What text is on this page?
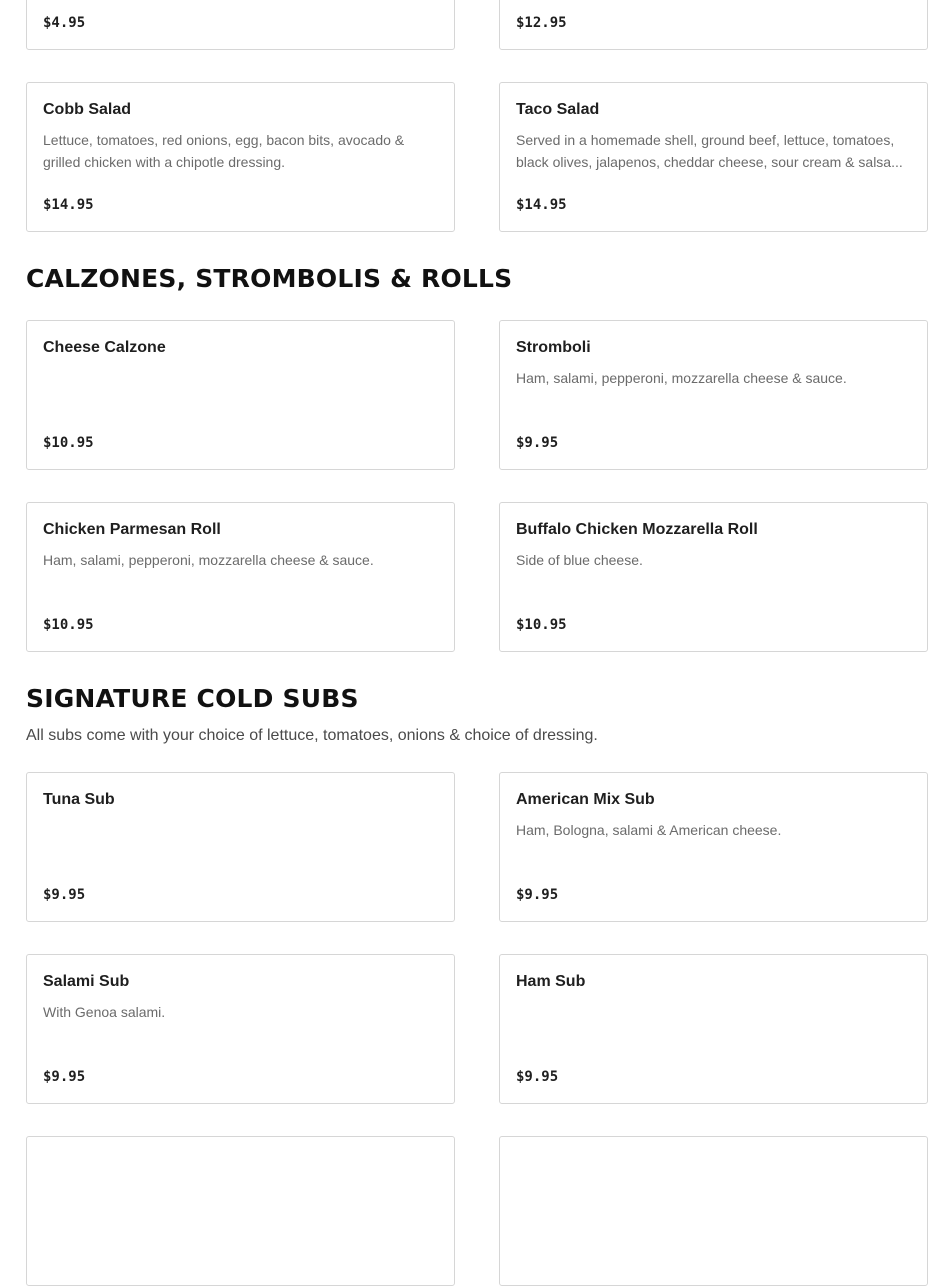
$4.95	$12.95
Cobb Salad
Lettuce, tomatoes, red onions, egg, bacon bits, avocado & grilled chicken with a chipotle dressing.
$14.95
Taco Salad
Served in a homemade shell, ground beef, lettuce, tomatoes, black olives, jalapenos, cheddar cheese, sour cream & salsa...
$14.95
CALZONES, STROMBOLIS & ROLLS
Cheese Calzone
$10.95
Stromboli
Ham, salami, pepperoni, mozzarella cheese & sauce.
$9.95
Chicken Parmesan Roll
Ham, salami, pepperoni, mozzarella cheese & sauce.
$10.95
Buffalo Chicken Mozzarella Roll
Side of blue cheese.
$10.95
SIGNATURE COLD SUBS
All subs come with your choice of lettuce, tomatoes, onions & choice of dressing.
Tuna Sub
$9.95
American Mix Sub
Ham, Bologna, salami & American cheese.
$9.95
Salami Sub
With Genoa salami.
$9.95
Ham Sub
$9.95
